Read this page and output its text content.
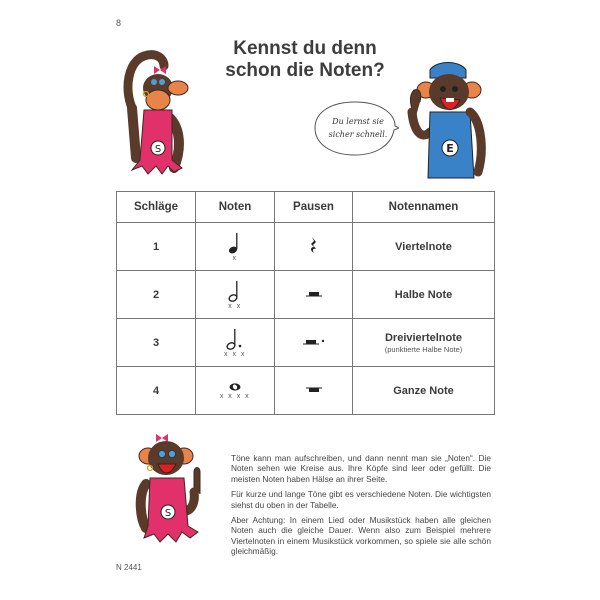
8
Kennst du denn
schon die Noten?
S
Du lernst sie
sicher schnell.
E
Schläge	Noten	Pausen	Notennamen
1	x		Viertelnote
2	x x		Halbe Note
3	x x x		Dreiviertelnote
(punktierte Halbe Note)

4	x x x x		Ganze Note
S

Töne kann man aufschreiben, und dann nennt man sie „Noten“. Die Noten sehen wie Kreise aus. Ihre Köpfe sind leer oder gefüllt. Die meisten Noten haben Hälse an ihrer Seite.

Für kurze und lange Töne gibt es verschiedene Noten. Die wichtigsten siehst du oben in der Tabelle.

Aber Achtung: In einem Lied oder Musikstück haben alle gleichen Noten auch die gleiche Dauer. Wenn also zum Beispiel mehrere Viertelnoten in einem Musikstück vorkommen, so spiele sie alle schön gleichmäßig.

N 2441
